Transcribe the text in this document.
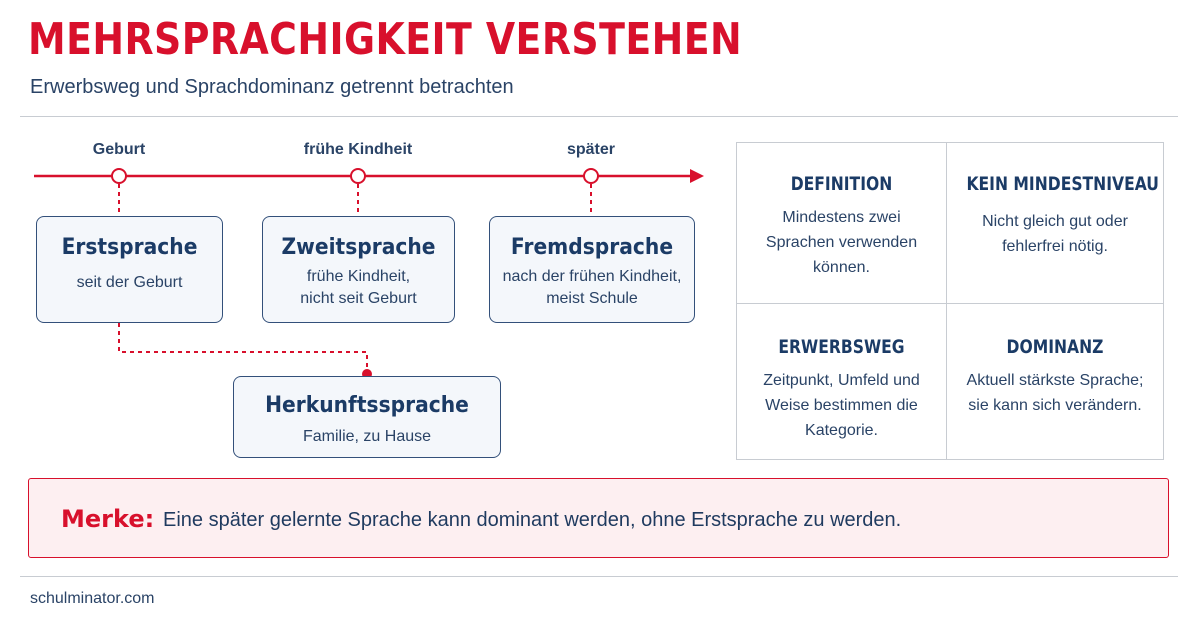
MEHRSPRACHIGKEIT VERSTEHEN
Erwerbsweg und Sprachdominanz getrennt betrachten
Geburt	frühe Kindheit	später
Erstsprache
seit der Geburt
Zweitsprache
frühe Kindheit,
nicht seit Geburt
Fremdsprache
nach der frühen Kindheit,
meist Schule
Herkunftssprache
Familie, zu Hause
DEFINITION
Mindestens zwei
Sprachen verwenden
können.
KEIN MINDESTNIVEAU
Nicht gleich gut oder
fehlerfrei nötig.
ERWERBSWEG
Zeitpunkt, Umfeld und
Weise bestimmen die
Kategorie.
DOMINANZ
Aktuell stärkste Sprache;
sie kann sich verändern.
Merke: Eine später gelernte Sprache kann dominant werden, ohne Erstsprache zu werden.
schulminator.com
